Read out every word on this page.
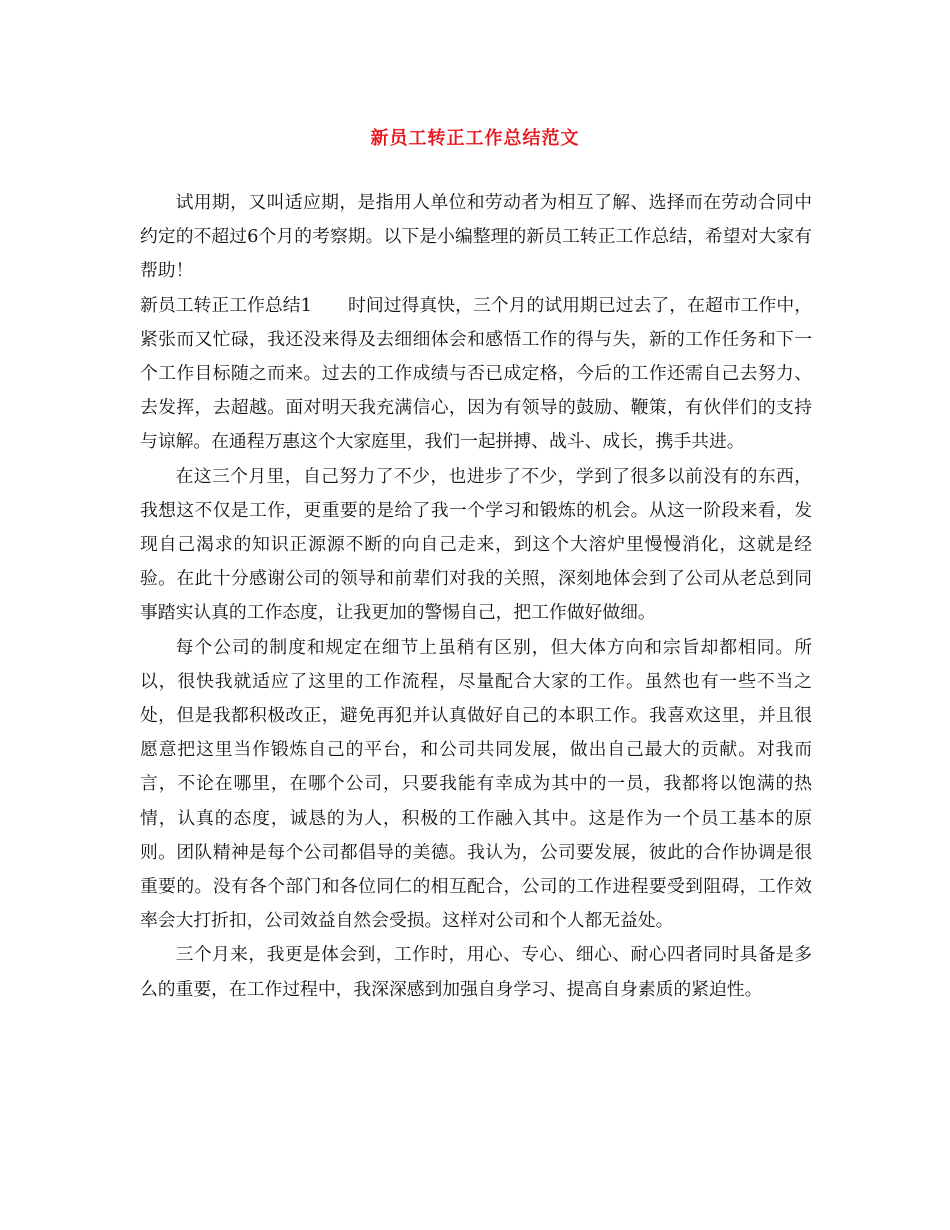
新员工转正工作总结范文

试用期，又叫适应期，是指用人单位和劳动者为相互了解、选择而在劳动合同中约定的不超过6个月的考察期。以下是小编整理的新员工转正工作总结，希望对大家有帮助！

新员工转正工作总结1 时间过得真快，三个月的试用期已过去了，在超市工作中，紧张而又忙碌，我还没来得及去细细体会和感悟工作的得与失，新的工作任务和下一个工作目标随之而来。过去的工作成绩与否已成定格，今后的工作还需自己去努力、去发挥，去超越。面对明天我充满信心，因为有领导的鼓励、鞭策，有伙伴们的支持与谅解。在通程万惠这个大家庭里，我们一起拼搏、战斗、成长，携手共进。

在这三个月里，自己努力了不少，也进步了不少，学到了很多以前没有的东西，我想这不仅是工作，更重要的是给了我一个学习和锻炼的机会。从这一阶段来看，发现自己渴求的知识正源源不断的向自己走来，到这个大溶炉里慢慢消化，这就是经验。在此十分感谢公司的领导和前辈们对我的关照，深刻地体会到了公司从老总到同事踏实认真的工作态度，让我更加的警惕自己，把工作做好做细。

每个公司的制度和规定在细节上虽稍有区别，但大体方向和宗旨却都相同。所以，很快我就适应了这里的工作流程，尽量配合大家的工作。虽然也有一些不当之处，但是我都积极改正，避免再犯并认真做好自己的本职工作。我喜欢这里，并且很愿意把这里当作锻炼自己的平台，和公司共同发展，做出自己最大的贡献。对我而言，不论在哪里，在哪个公司，只要我能有幸成为其中的一员，我都将以饱满的热情，认真的态度，诚恳的为人，积极的工作融入其中。这是作为一个员工基本的原则。团队精神是每个公司都倡导的美德。我认为，公司要发展，彼此的合作协调是很重要的。没有各个部门和各位同仁的相互配合，公司的工作进程要受到阻碍，工作效率会大打折扣，公司效益自然会受损。这样对公司和个人都无益处。

三个月来，我更是体会到，工作时，用心、专心、细心、耐心四者同时具备是多么的重要，在工作过程中，我深深感到加强自身学习、提高自身素质的紧迫性。
